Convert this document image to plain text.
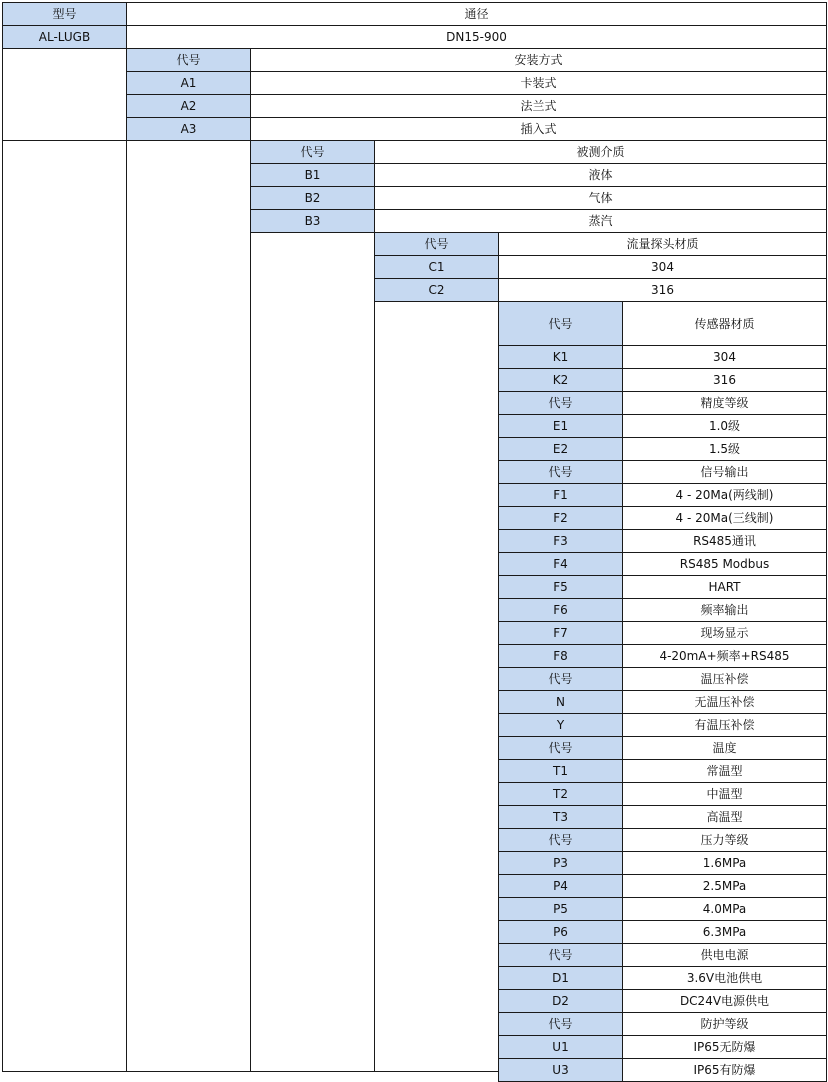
型号	通径
AL-LUGB	DN15-900
代号	安装方式
A1	卡装式
A2	法兰式
A3	插入式
代号	被测介质
B1	液体
B2	气体
B3	蒸汽
代号	流量探头材质
C1	304
C2	316
代号	传感器材质
K1	304
K2	316
代号	精度等级
E1	1.0级
E2	1.5级
代号	信号输出
F1	4 - 20Ma(两线制)
F2	4 - 20Ma(三线制)
F3	RS485通讯
F4	RS485 Modbus
F5	HART
F6	频率输出
F7	现场显示
F8	4-20mA+频率+RS485
代号	温压补偿
N	无温压补偿
Y	有温压补偿
代号	温度
T1	常温型
T2	中温型
T3	高温型
代号	压力等级
P3	1.6MPa
P4	2.5MPa
P5	4.0MPa
P6	6.3MPa
代号	供电电源
D1	3.6V电池供电
D2	DC24V电源供电
代号	防护等级
U1	IP65无防爆
U3	IP65有防爆
